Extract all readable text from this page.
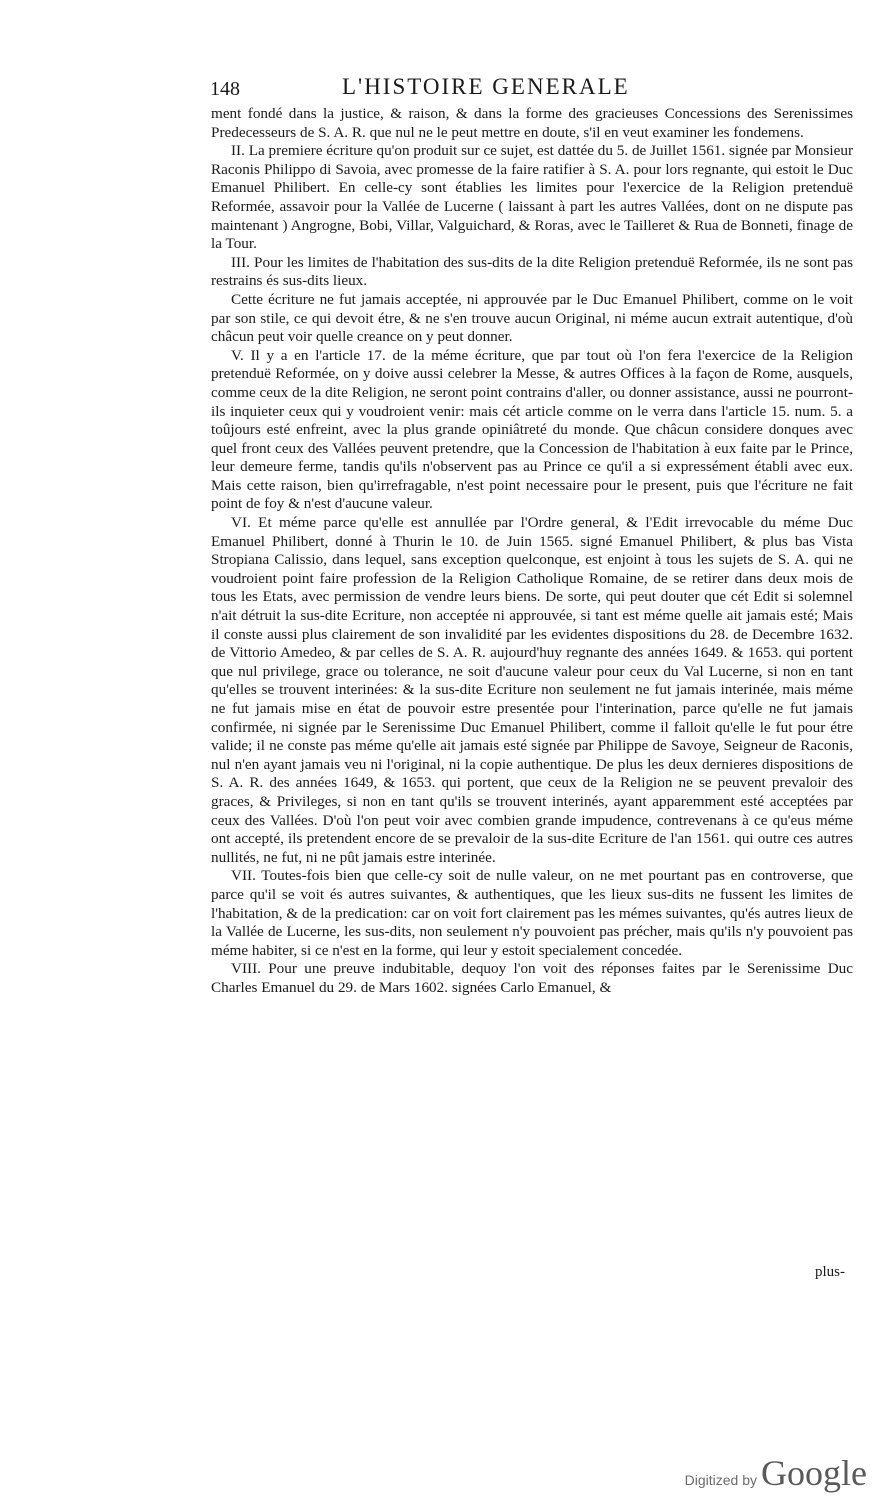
148	L'HISTOIRE GENERALE

ment fondé dans la justice, & raison, & dans la forme des gracieuses Concessions des Serenissimes Predecesseurs de S. A. R. que nul ne le peut mettre en doute, s'il en veut examiner les fondemens.

II. La premiere écriture qu'on produit sur ce sujet, est dattée du 5. de Juillet 1561. signée par Monsieur Raconis Philippo di Savoia, avec promesse de la faire ratifier à S. A. pour lors regnante, qui estoit le Duc Emanuel Philibert. En celle-cy sont établies les limites pour l'exercice de la Religion pretenduë Reformée, assavoir pour la Vallée de Lucerne ( laissant à part les autres Vallées, dont on ne dispute pas maintenant ) Angrogne, Bobi, Villar, Valguichard, & Roras, avec le Tailleret & Rua de Bonneti, finage de la Tour.

III. Pour les limites de l'habitation des sus-dits de la dite Religion pretenduë Reformée, ils ne sont pas restrains és sus-dits lieux.

Cette écriture ne fut jamais acceptée, ni approuvée par le Duc Emanuel Philibert, comme on le voit par son stile, ce qui devoit étre, & ne s'en trouve aucun Original, ni méme aucun extrait autentique, d'où châcun peut voir quelle creance on y peut donner.

V. Il y a en l'article 17. de la méme écriture, que par tout où l'on fera l'exercice de la Religion pretenduë Reformée, on y doive aussi celebrer la Messe, & autres Offices à la façon de Rome, ausquels, comme ceux de la dite Religion, ne seront point contrains d'aller, ou donner assistance, aussi ne pourront-ils inquieter ceux qui y voudroient venir: mais cét article comme on le verra dans l'article 15. num. 5. a toûjours esté enfreint, avec la plus grande opiniâtreté du monde. Que châcun considere donques avec quel front ceux des Vallées peuvent pretendre, que la Concession de l'habitation à eux faite par le Prince, leur demeure ferme, tandis qu'ils n'observent pas au Prince ce qu'il a si expressément établi avec eux. Mais cette raison, bien qu'irrefragable, n'est point necessaire pour le present, puis que l'écriture ne fait point de foy & n'est d'aucune valeur.

VI. Et méme parce qu'elle est annullée par l'Ordre general, & l'Edit irrevocable du méme Duc Emanuel Philibert, donné à Thurin le 10. de Juin 1565. signé Emanuel Philibert, & plus bas Vista Stropiana Calissio, dans lequel, sans exception quelconque, est enjoint à tous les sujets de S. A. qui ne voudroient point faire profession de la Religion Catholique Romaine, de se retirer dans deux mois de tous les Etats, avec permission de vendre leurs biens. De sorte, qui peut douter que cét Edit si solemnel n'ait détruit la sus-dite Ecriture, non acceptée ni approuvée, si tant est méme quelle ait jamais esté; Mais il conste aussi plus clairement de son invalidité par les evidentes dispositions du 28. de Decembre 1632. de Vittorio Amedeo, & par celles de S. A. R. aujourd'huy regnante des années 1649. & 1653. qui portent que nul privilege, grace ou tolerance, ne soit d'aucune valeur pour ceux du Val Lucerne, si non en tant qu'elles se trouvent interinées: & la sus-dite Ecriture non seulement ne fut jamais interinée, mais méme ne fut jamais mise en état de pouvoir estre presentée pour l'interination, parce qu'elle ne fut jamais confirmée, ni signée par le Serenissime Duc Emanuel Philibert, comme il falloit qu'elle le fut pour étre valide; il ne conste pas méme qu'elle ait jamais esté signée par Philippe de Savoye, Seigneur de Raconis, nul n'en ayant jamais veu ni l'original, ni la copie authentique. De plus les deux dernieres dispositions de S. A. R. des années 1649, & 1653. qui portent, que ceux de la Religion ne se peuvent prevaloir des graces, & Privileges, si non en tant qu'ils se trouvent interinés, ayant apparemment esté acceptées par ceux des Vallées. D'où l'on peut voir avec combien grande impudence, contrevenans à ce qu'eus méme ont accepté, ils pretendent encore de se prevaloir de la sus-dite Ecriture de l'an 1561. qui outre ces autres nullités, ne fut, ni ne pût jamais estre interinée.

VII. Toutes-fois bien que celle-cy soit de nulle valeur, on ne met pourtant pas en controverse, que parce qu'il se voit és autres suivantes, & authentiques, que les lieux sus-dits ne fussent les limites de l'habitation, & de la predication: car on voit fort clairement pas les mémes suivantes, qu'és autres lieux de la Vallée de Lucerne, les sus-dits, non seulement n'y pouvoient pas précher, mais qu'ils n'y pouvoient pas méme habiter, si ce n'est en la forme, qui leur y estoit specialement concedée.

VIII. Pour une preuve indubitable, dequoy l'on voit des réponses faites par le Serenissime Duc Charles Emanuel du 29. de Mars 1602. signées Carlo Emanuel, &

plus-
Digitized by Google
